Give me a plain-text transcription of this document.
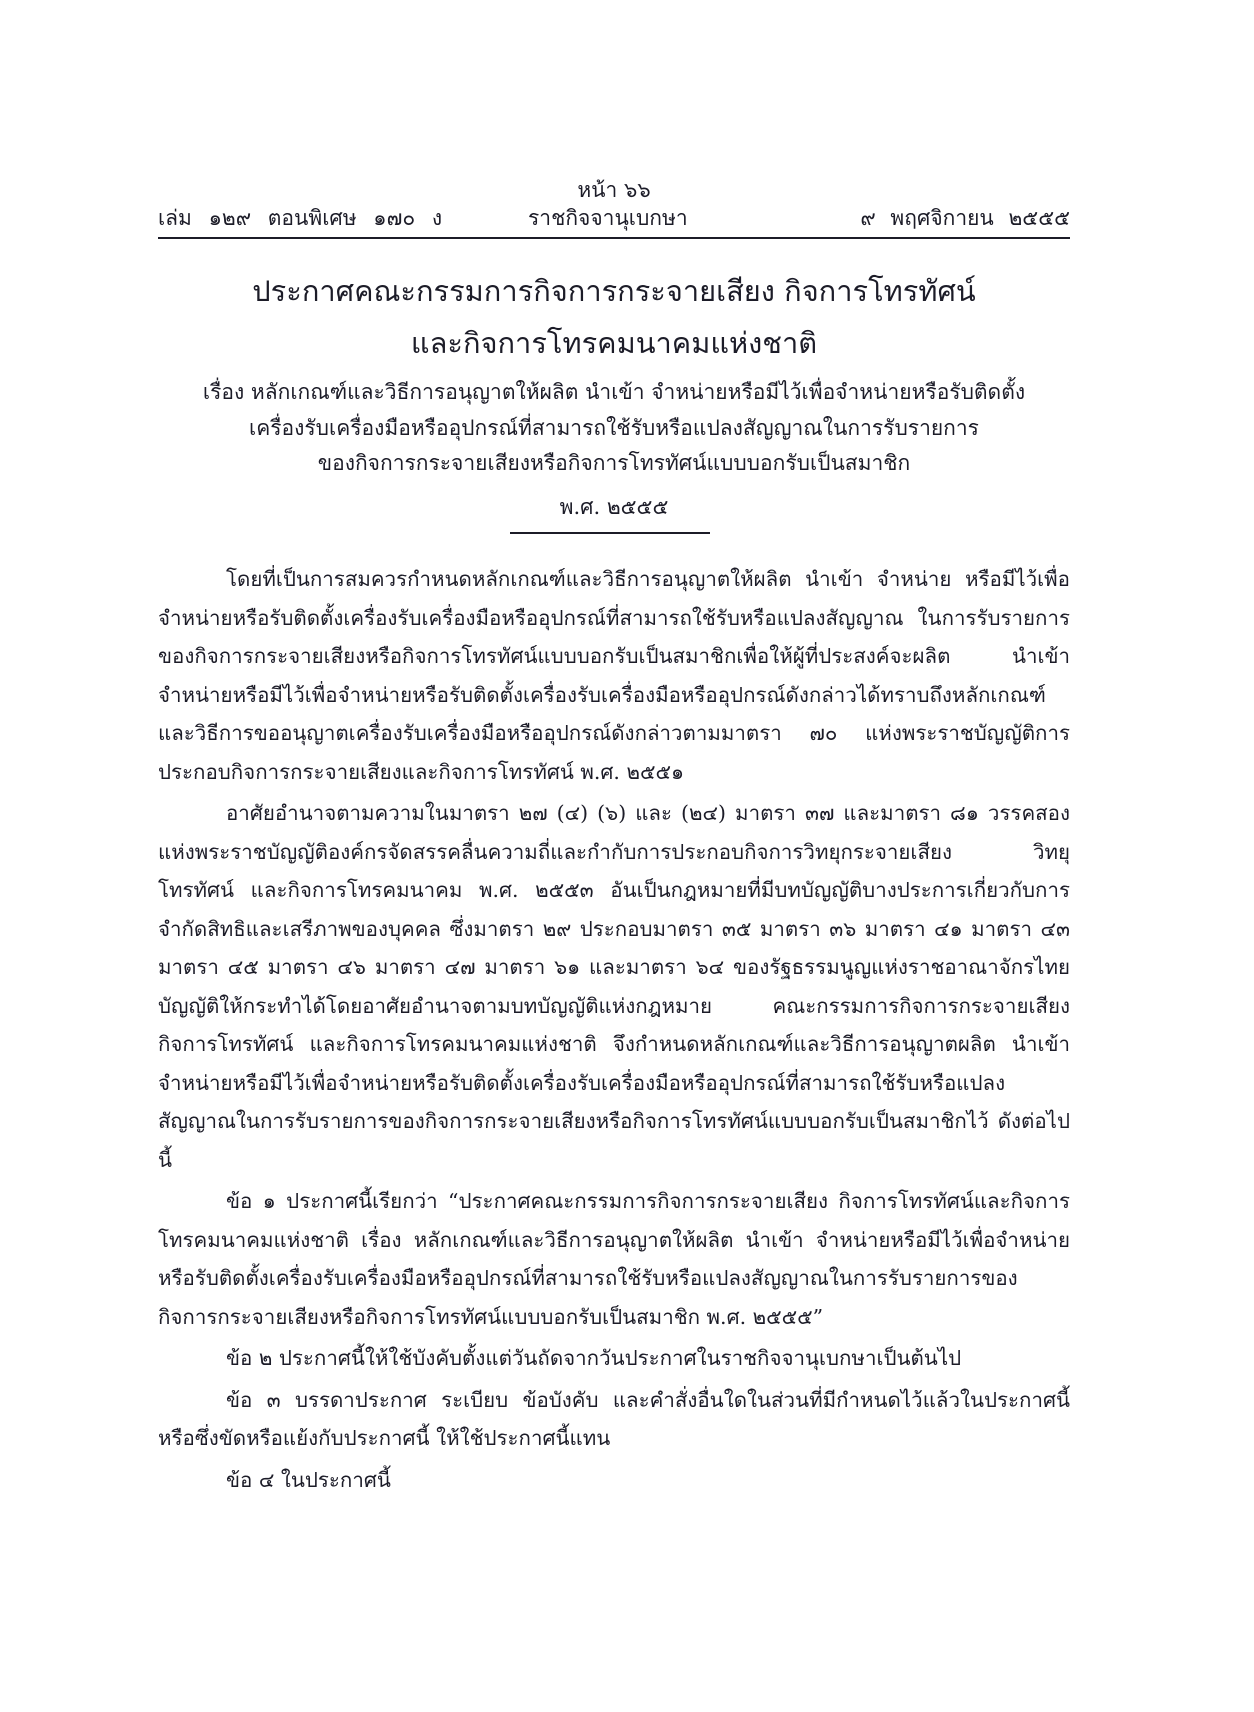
หน้า ๖๖
เล่ม ๑๒๙ ตอนพิเศษ ๑๗๐ ง	ราชกิจจานุเบกษา	๙ พฤศจิกายน ๒๕๕๕
ประกาศคณะกรรมการกิจการกระจายเสียง กิจการโทรทัศน์
และกิจการโทรคมนาคมแห่งชาติ
เรื่อง หลักเกณฑ์และวิธีการอนุญาตให้ผลิต นำเข้า จำหน่ายหรือมีไว้เพื่อจำหน่ายหรือรับติดตั้ง
เครื่องรับเครื่องมือหรืออุปกรณ์ที่สามารถใช้รับหรือแปลงสัญญาณในการรับรายการ
ของกิจการกระจายเสียงหรือกิจการโทรทัศน์แบบบอกรับเป็นสมาชิก
พ.ศ. ๒๕๕๕

โดยที่เป็นการสมควรกำหนดหลักเกณฑ์และวิธีการอนุญาตให้ผลิต นำเข้า จำหน่าย หรือมีไว้เพื่อจำหน่ายหรือรับติดตั้งเครื่องรับเครื่องมือหรืออุปกรณ์ที่สามารถใช้รับหรือแปลงสัญญาณ ในการรับรายการของกิจการกระจายเสียงหรือกิจการโทรทัศน์แบบบอกรับเป็นสมาชิกเพื่อให้ผู้ที่ประสงค์จะผลิต นำเข้า จำหน่ายหรือมีไว้เพื่อจำหน่ายหรือรับติดตั้งเครื่องรับเครื่องมือหรืออุปกรณ์ดังกล่าวได้ทราบถึงหลักเกณฑ์และวิธีการขออนุญาตเครื่องรับเครื่องมือหรืออุปกรณ์ดังกล่าวตามมาตรา ๗๐ แห่งพระราชบัญญัติการประกอบกิจการกระจายเสียงและกิจการโทรทัศน์ พ.ศ. ๒๕๕๑

อาศัยอำนาจตามความในมาตรา ๒๗ (๔) (๖) และ (๒๔) มาตรา ๓๗ และมาตรา ๘๑ วรรคสอง แห่งพระราชบัญญัติองค์กรจัดสรรคลื่นความถี่และกำกับการประกอบกิจการวิทยุกระจายเสียง วิทยุโทรทัศน์ และกิจการโทรคมนาคม พ.ศ. ๒๕๕๓ อันเป็นกฎหมายที่มีบทบัญญัติบางประการเกี่ยวกับการจำกัดสิทธิและเสรีภาพของบุคคล ซึ่งมาตรา ๒๙ ประกอบมาตรา ๓๕ มาตรา ๓๖ มาตรา ๔๑ มาตรา ๔๓ มาตรา ๔๕ มาตรา ๔๖ มาตรา ๔๗ มาตรา ๖๑ และมาตรา ๖๔ ของรัฐธรรมนูญแห่งราชอาณาจักรไทยบัญญัติให้กระทำได้โดยอาศัยอำนาจตามบทบัญญัติแห่งกฎหมาย คณะกรรมการกิจการกระจายเสียง กิจการโทรทัศน์ และกิจการโทรคมนาคมแห่งชาติ จึงกำหนดหลักเกณฑ์และวิธีการอนุญาตผลิต นำเข้า จำหน่ายหรือมีไว้เพื่อจำหน่ายหรือรับติดตั้งเครื่องรับเครื่องมือหรืออุปกรณ์ที่สามารถใช้รับหรือแปลงสัญญาณในการรับรายการของกิจการกระจายเสียงหรือกิจการโทรทัศน์แบบบอกรับเป็นสมาชิกไว้ ดังต่อไปนี้

ข้อ ๑ ประกาศนี้เรียกว่า “ประกาศคณะกรรมการกิจการกระจายเสียง กิจการโทรทัศน์และกิจการโทรคมนาคมแห่งชาติ เรื่อง หลักเกณฑ์และวิธีการอนุญาตให้ผลิต นำเข้า จำหน่ายหรือมีไว้เพื่อจำหน่ายหรือรับติดตั้งเครื่องรับเครื่องมือหรืออุปกรณ์ที่สามารถใช้รับหรือแปลงสัญญาณในการรับรายการของกิจการกระจายเสียงหรือกิจการโทรทัศน์แบบบอกรับเป็นสมาชิก พ.ศ. ๒๕๕๕”
ข้อ ๒ ประกาศนี้ให้ใช้บังคับตั้งแต่วันถัดจากวันประกาศในราชกิจจานุเบกษาเป็นต้นไป
ข้อ ๓ บรรดาประกาศ ระเบียบ ข้อบังคับ และคำสั่งอื่นใดในส่วนที่มีกำหนดไว้แล้วในประกาศนี้ หรือซึ่งขัดหรือแย้งกับประกาศนี้ ให้ใช้ประกาศนี้แทน
ข้อ ๔ ในประกาศนี้
